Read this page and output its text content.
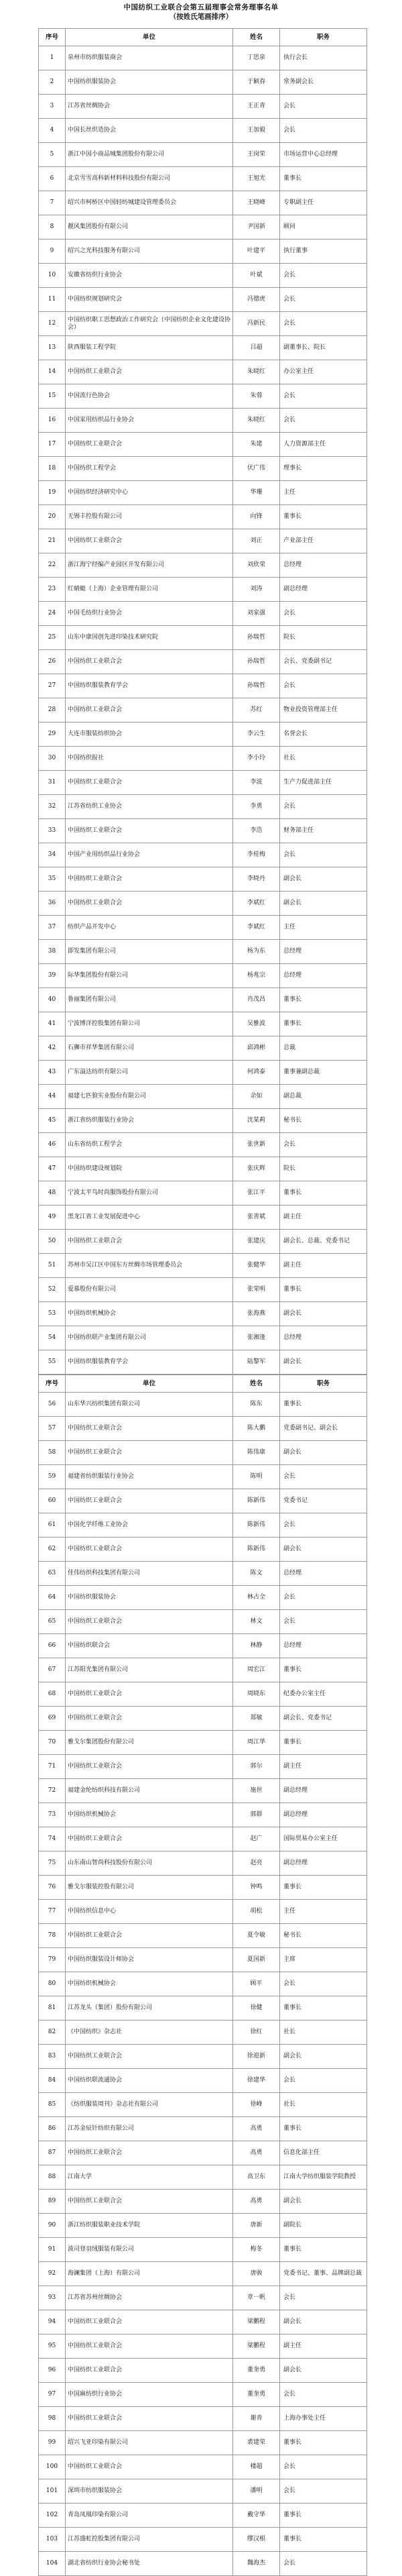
中国纺织工业联合会第五届理事会常务理事名单
（按姓氏笔画排序）
序号	单位	姓名	职务
1	泉州市纺织服装商会	丁思泉	执行会长
2	中国纺织服装协会	于颖春	常务副会长
3	江苏省丝绸协会	王正青	会长
4	中国长丝织造协会	王加毅	会长
5	浙江中国小商品城集团股份有限公司	王岗荣	市场运营中心总经理
6	北京雪雪高科新材料科技股份有限公司	王旭光	董事长
7	绍兴市柯桥区中国轻纺城建设管理委员会	王晓峰	专职副主任
8	靓风集团股份有限公司	尹国新	顾问
9	绍兴之光科技服务有限公司	叶建平	执行董事
10	安徽省纺织行业协会	叶斌	会长
11	中国纺织规划研究会	冯德虎	会长
12	中国纺织职工思想政治工作研究会（中国纺织企业文化建设协会）	冯新民	会长
13	陕西服装工程学院	吕超	副董事长、院长
14	中国纺织工业联合会	朱晓红	办公室主任
15	中国流行色协会	朱蓉	会长
16	中国家用纺织品行业协会	朱晓红	会长
17	中国纺织工业联合会	朱建	人力资源部主任
18	中国纺织工程学会	伏广伟	理事长
19	中国纺织经济研究中心	华珊	主任
20	无锡丰控股有限公司	向锋	董事长
21	中国纺织工业联合会	刘正	产业部主任
22	浙江海宁经编产业园区开发有限公司	刘欣荣	总经理
23	红蜻蜓（上海）企业管理有限公司	刘涛	副总经理
24	中国毛纺织行业协会	刘家强	会长
25	山东中康国创先进印染技术研究院	孙瑞哲	院长
26	中国纺织工业联合会	孙瑞哲	会长、党委副书记
27	中国纺织服装教育学会	孙瑞哲	会长
28	中国纺织工业联合会	苏红	物业投资管理部主任
29	大连市服装纺织协会	李云生	名誉会长
30	中国纺织报社	李小玲	社长
31	中国纺织工业联合会	李波	生产力促进部主任
32	江苏省纺织工业协会	李勇	会长
33	中国纺织工业联合会	李浩	财务部主任
34	中国产业用纺织品行业协会	李桂梅	会长
35	中国纺织工业联合会	李晓丹	副会长
36	中国纺织工业联合会	李斌红	副会长
37	纺织产品开发中心	李斌红	主任
38	即发集团有限公司	杨为东	总经理
39	际华集团股份有限公司	杨兆宗	总经理
40	鲁丽集团有限公司	肖茂昌	董事长
41	宁波博洋控股集团有限公司	吴雅波	董事长
42	石狮市祥华集团有限公司	邱鸿彬	总裁
43	广东溢达纺织有限公司	何鸿泰	董事兼副总裁
44	福建七匹狼实业股份有限公司	余如	副总裁
45	浙江省纺织服装行业协会	沈某莉	秘书长
46	山东省纺织工程学会	张世新	会长
47	中国纺织建设规划院	张庆辉	院长
48	宁波太平鸟时尚服饰股份有限公司	张江平	董事长
49	黑龙江省工业发展促进中心	张善斌	副主任
50	中国纺织工业联合会	张建庆	副会长、总裁、党委书记
51	苏州市吴江区中国东方丝绸市场管理委员会	张健华	副主任
52	爱慕股份有限公司	张荣明	董事长
53	中国纺织机械协会	张海燕	副会长
54	中国纺织联产业集团有限公司	张湘逢	总经理
55	中国纺织服装教育学会	陆黎军	副会长
序号	单位	姓名	职务
56	山东华兴纺织集团有限公司	陈东	董事长
57	中国纺织工业联合会	陈大鹏	党委副书记、副会长
58	中国纺织工业联合会	陈伟康	副会长
59	福建省纺织服装行业协会	陈明	会长
60	中国纺织工业联合会	陈新伟	党委书记
61	中国化学纤维工业协会	陈新伟	会长
62	中国纺织工业联合会	陈新伟	副会长
63	佳伟纺织科技集团有限公司	陈文	总经理
64	中国纺织服装协会	林占全	会长
65	中国纺织工业联合会	林文	会长
66	中国纺织联合会	林静	总经理
67	江苏阳光集团有限公司	周宏江	董事长
68	中国纺织工业联合会	周晓东	纪委办公室主任
69	中国纺织工业联合会	郑敏	副会长、党委书记
70	雅戈尔集团股份有限公司	周江华	董事长
71	中国纺织工业联合会	郭尔	副主任
72	福建金纶纺织科技有限公司	施世	副总经理
73	中国纺织机械协会	郭群	副总经理
74	中国纺织工业联合会	赵广	国际贸易办公室主任
75	山东南山智尚科技股份有限公司	赵亮	副总经理
76	雅戈尔服装控股有限公司	钟鸣	董事长
77	中国纺织信息中心	胡松	主任
78	中国纺织工业联合会	夏令敏	秘书长
79	中国纺织服装设计师协会	夏国新	主席
80	中国纺织机械协会	顾平	会长
81	江苏龙头（集团）股份有限公司	徐健	董事长
82	《中国纺织》杂志社	徐红	社长
83	中国纺织工业联合会	徐迎新	副会长
84	中国纺织联流通协会	徐建华	会长
85	《纺织服装周刊》杂志社有限公司	徐峰	社长
86	江苏金辰针纺织有限公司	高勇	董事长
87	中国纺织工业联合会	高勇	信息化部主任
88	江南大学	高卫东	江南大学纺织服装学院教授
89	中国纺织工业联合会	高勇	副会长
90	浙江纺织服装职业技术学院	唐新	副院长
91	波司登羽绒服装有限公司	梅冬	董事长
92	海澜集团（上海）有限公司	唐骏	党委书记、董事、品牌副总裁
93	江苏省苏州丝绸协会	章一帆	会长
94	中国纺织工业联合会	梁鹏程	副会长
95	中国纺织工业联合会	梁鹏程	副主任
96	中国纺织工业联合会	董奎勇	副会长
97	中国麻纺织行业协会	董奎勇	会长
98	中国纺织工业联合会	谢青	上海办事处主任
99	绍兴飞亚印染有限公司	裘建荣	董事长
100	中国纺织工业联合会	楼超	会长
101	深圳市纺织服装协会	潘明	会长
102	青岛凤凰印染有限公司	戴守华	董事长
103	江苏盛虹控股集团有限公司	缪汉根	董事长
104	湖北省纺织行业协会秘书处	魏海杰	会长
